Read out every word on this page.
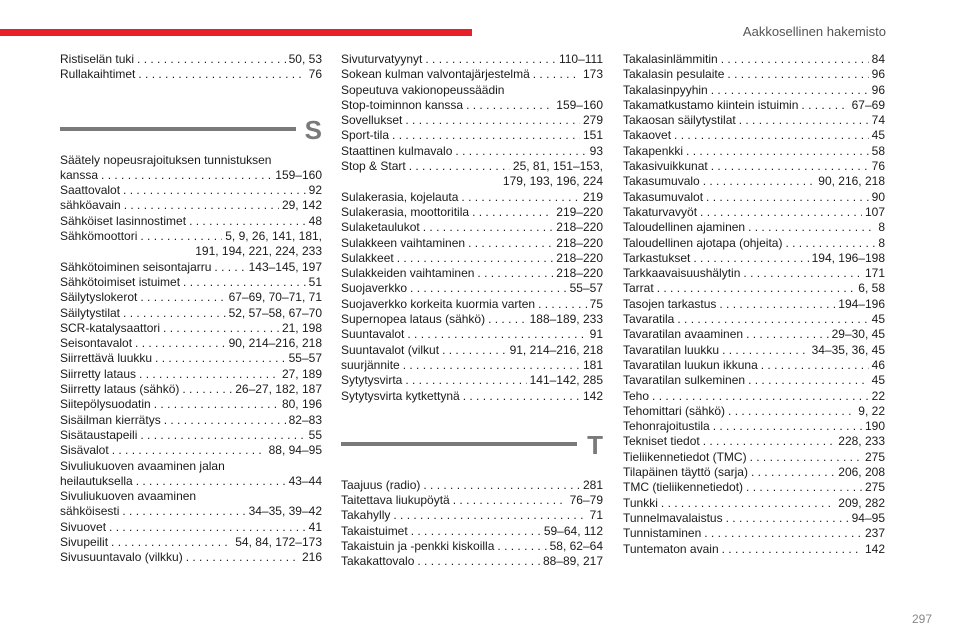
Aakkosellinen hakemisto
Ristiselän tuki . . .	50, 53
Rullakaihtimet . . .	76
S
Säätely nopeusrajoituksen tunnistuksen
kanssa . . .	159–160
Saattovalot . . .	92
sähköavain . . .	29, 142
Sähköiset lasinnostimet . . .	48
Sähkömoottori . . .	5, 9, 26, 141, 181,
191, 194, 221, 224, 233
Sähkötoiminen seisontajarru . . .	143–145, 197
Sähkötoimiset istuimet . . .	51
Säilytyslokerot . . .	67–69, 70–71, 71
Säilytystilat . . .	52, 57–58, 67–70
SCR-katalysaattori . . .	21, 198
Seisontavalot . . .	90, 214–216, 218
Siirrettävä luukku . . .	55–57
Siirretty lataus . . .	27, 189
Siirretty lataus (sähkö) . . .	26–27, 182, 187
Siitepölysuodatin . . .	80, 196
Sisäilman kierrätys . . .	82–83
Sisätaustapeili . . .	55
Sisävalot . . .	88, 94–95
Sivuliukuoven avaaminen jalan
heilautuksella . . .	43–44
Sivuliukuoven avaaminen
sähköisesti . . .	34–35, 39–42
Sivuovet . . .	41
Sivupeilit . . .	54, 84, 172–173
Sivusuuntavalo (vilkku) . . .	216
Sivuturvatyynyt . . .	110–111
Sokean kulman valvontajärjestelmä . . .	173
Sopeutuva vakionopeussäädin
Stop-toiminnon kanssa . . .	159–160
Sovellukset . . .	279
Sport-tila . . .	151
Staattinen kulmavalo . . .	93
Stop & Start . . .	25, 81, 151–153,
179, 193, 196, 224
Sulakerasia, kojelauta . . .	219
Sulakerasia, moottoritila . . .	219–220
Sulaketaulukot . . .	218–220
Sulakkeen vaihtaminen . . .	218–220
Sulakkeet . . .	218–220
Sulakkeiden vaihtaminen . . .	218–220
Suojaverkko . . .	55–57
Suojaverkko korkeita kuormia varten . . .	75
Supernopea lataus (sähkö) . . .	188–189, 233
Suuntavalot . . .	91
Suuntavalot (vilkut . . .	91, 214–216, 218
suurjännite . . .	181
Sytytysvirta . . .	141–142, 285
Sytytysvirta kytkettynä . . .	142
T
Taajuus (radio) . . .	281
Taitettava liukupöytä . . .	76–79
Takahylly . . .	71
Takaistuimet . . .	59–64, 112
Takaistuin ja -penkki kiskoilla . . .	58, 62–64
Takakattovalo . . .	88–89, 217
Takalasinlämmitin . . .	84
Takalasin pesulaite . . .	96
Takalasinpyyhin . . .	96
Takamatkustamo kiintein istuimin . . .	67–69
Takaosan säilytystilat . . .	74
Takaovet . . .	45
Takapenkki . . .	58
Takasivuikkunat . . .	76
Takasumuvalo . . .	90, 216, 218
Takasumuvalot . . .	90
Takaturvavyöt . . .	107
Taloudellinen ajaminen . . .	8
Taloudellinen ajotapa (ohjeita) . . .	8
Tarkastukset . . .	194, 196–198
Tarkkaavaisuushälytin . . .	171
Tarrat . . .	6, 58
Tasojen tarkastus . . .	194–196
Tavaratila . . .	45
Tavaratilan avaaminen . . .	29–30, 45
Tavaratilan luukku . . .	34–35, 36, 45
Tavaratilan luukun ikkuna . . .	46
Tavaratilan sulkeminen . . .	45
Teho . . .	22
Tehomittari (sähkö) . . .	9, 22
Tehonrajoitustila . . .	190
Tekniset tiedot . . .	228, 233
Tieliikennetiedot (TMC) . . .	275
Tilapäinen täyttö (sarja) . . .	206, 208
TMC (tieliikennetiedot) . . .	275
Tunkki . . .	209, 282
Tunnelmavalaistus . . .	94–95
Tunnistaminen . . .	237
Tuntematon avain . . .	142
297
